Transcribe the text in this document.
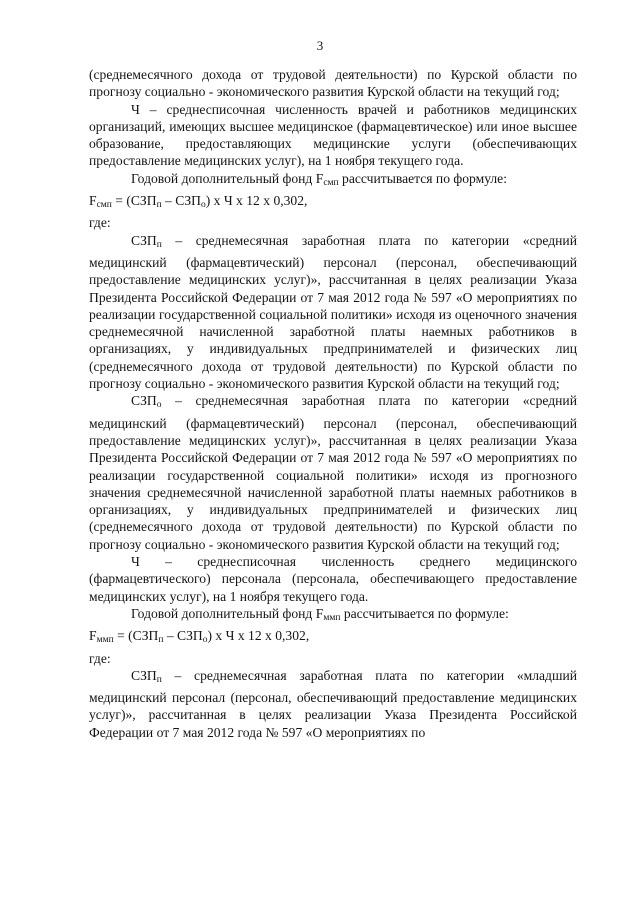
3

(среднемесячного дохода от трудовой деятельности) по Курской области по прогнозу социально - экономического развития Курской области на текущий год;

Ч – среднесписочная численность врачей и работников медицинских организаций, имеющих высшее медицинское (фармацевтическое) или иное высшее образование, предоставляющих медицинские услуги (обеспечивающих предоставление медицинских услуг), на 1 ноября текущего года.

Годовой дополнительный фонд $F_{смп}$ рассчитывается по формуле:

$F_{смп} = (СЗП_п - СЗП_о)$ х Ч х 12 х 0,302,

где:

$СЗП_п$ – среднемесячная заработная плата по категории «средний медицинский (фармацевтический) персонал (персонал, обеспечивающий предоставление медицинских услуг)», рассчитанная в целях реализации Указа Президента Российской Федерации от 7 мая 2012 года № 597 «О мероприятиях по реализации государственной социальной политики» исходя из оценочного значения среднемесячной начисленной заработной платы наемных работников в организациях, у индивидуальных предпринимателей и физических лиц (среднемесячного дохода от трудовой деятельности) по Курской области по прогнозу социально - экономического развития Курской области на текущий год;

$СЗП_о$ – среднемесячная заработная плата по категории «средний медицинский (фармацевтический) персонал (персонал, обеспечивающий предоставление медицинских услуг)», рассчитанная в целях реализации Указа Президента Российской Федерации от 7 мая 2012 года № 597 «О мероприятиях по реализации государственной социальной политики» исходя из прогнозного значения среднемесячной начисленной заработной платы наемных работников в организациях, у индивидуальных предпринимателей и физических лиц (среднемесячного дохода от трудовой деятельности) по Курской области по прогнозу социально - экономического развития Курской области на текущий год;

Ч – среднесписочная численность среднего медицинского (фармацевтического) персонала (персонала, обеспечивающего предоставление медицинских услуг), на 1 ноября текущего года.

Годовой дополнительный фонд $F_{ммп}$ рассчитывается по формуле:

$F_{ммп} = (СЗП_п - СЗП_о)$ х Ч х 12 х 0,302,

где:

$СЗП_п$ – среднемесячная заработная плата по категории «младший медицинский персонал (персонал, обеспечивающий предоставление медицинских услуг)», рассчитанная в целях реализации Указа Президента Российской Федерации от 7 мая 2012 года № 597 «О мероприятиях по
